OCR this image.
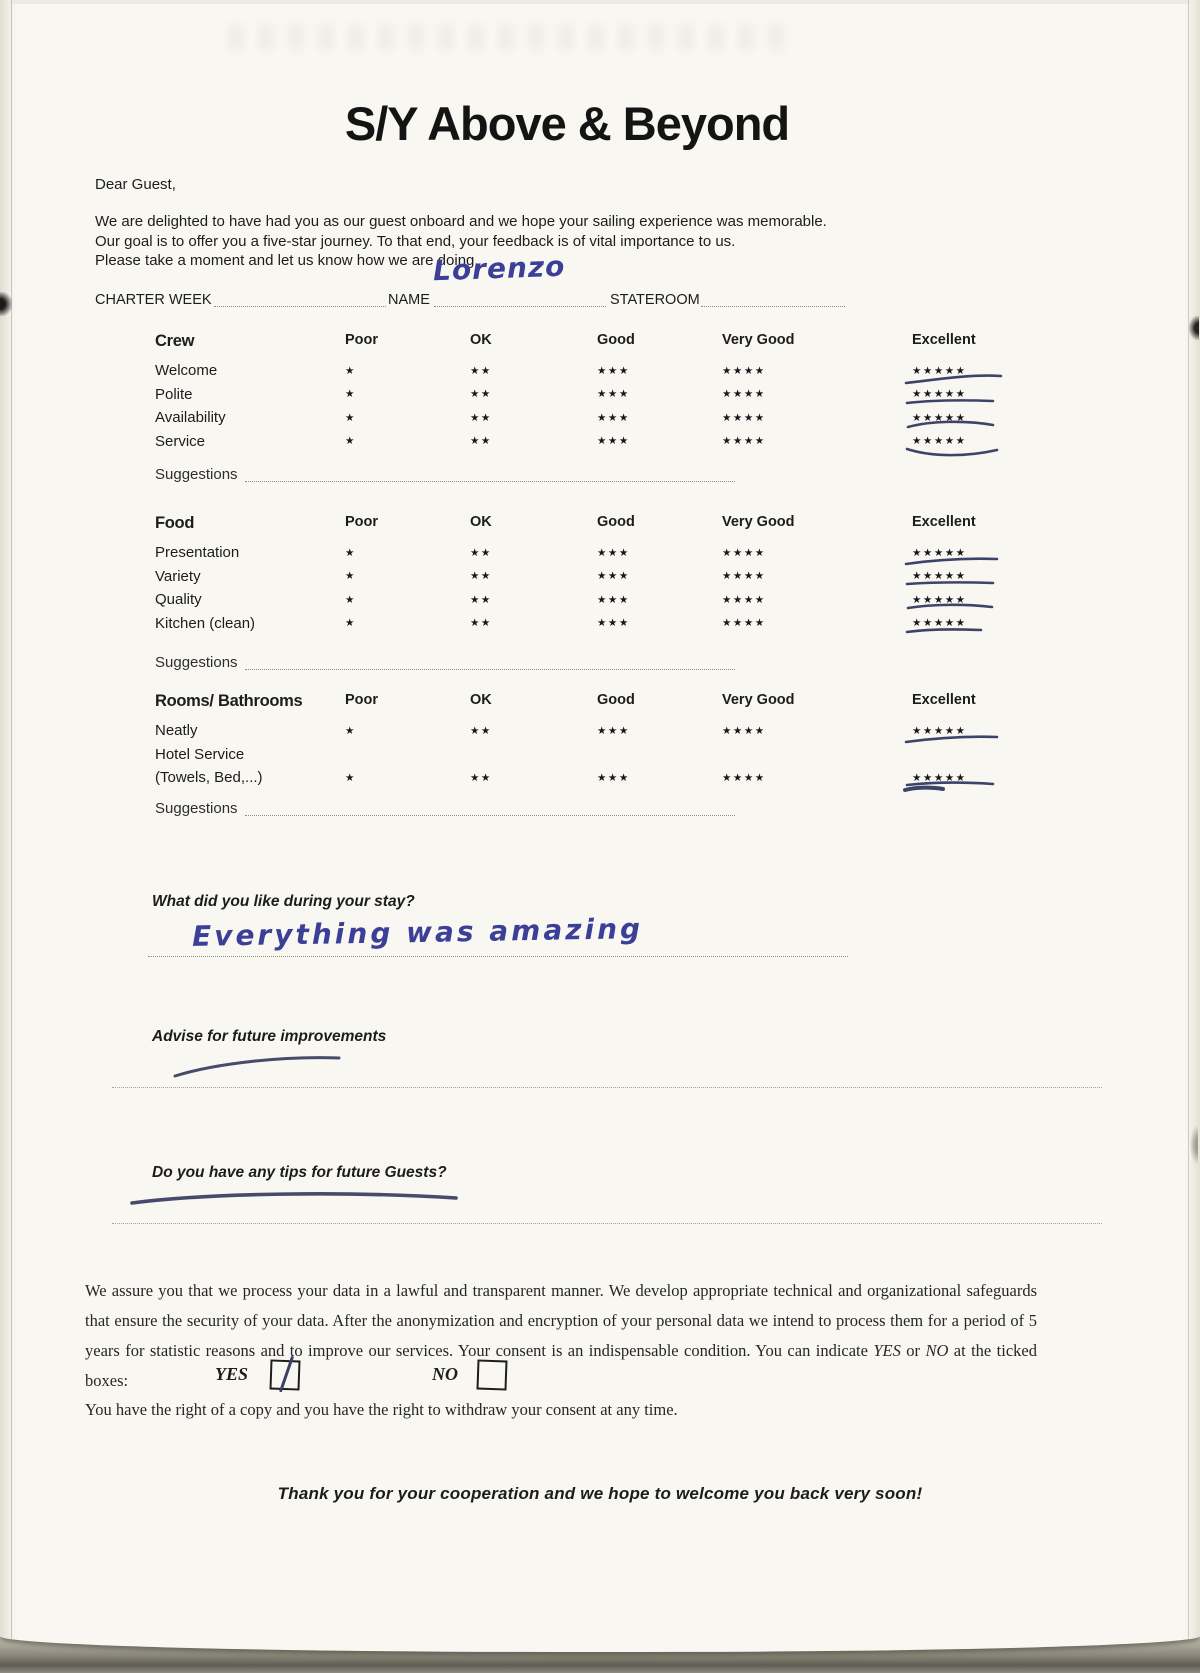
S/Y Above & Beyond
Dear Guest,
We are delighted to have had you as our guest onboard and we hope your sailing experience was memorable.
Our goal is to offer you a five-star journey. To that end, your feedback is of vital importance to us.
Please take a moment and let us know how we are doing.
CHARTER WEEK	NAME
Lorenzo
STATEROOM
Crew	Poor	OK	Good	Very Good	Excellent
Welcome	★	★★	★★★	★★★★	★★★★★
Polite	★	★★	★★★	★★★★	★★★★★
Availability	★	★★	★★★	★★★★	★★★★★
Service	★	★★	★★★	★★★★	★★★★★
Suggestions
Food	Poor	OK	Good	Very Good	Excellent
Presentation	★	★★	★★★	★★★★	★★★★★
Variety	★	★★	★★★	★★★★	★★★★★
Quality	★	★★	★★★	★★★★	★★★★★
Kitchen (clean)	★	★★	★★★	★★★★	★★★★★
Suggestions
Rooms/ Bathrooms	Poor	OK	Good	Very Good	Excellent
Neatly	★	★★	★★★	★★★★	★★★★★
Hotel Service
(Towels, Bed,...)	★	★★	★★★	★★★★	★★★★★
Suggestions
What did you like during your stay?
Everything was amazing
Advise for future improvements
Do you have any tips for future Guests?
We assure you that we process your data in a lawful and transparent manner. We develop appropriate technical and organizational safeguards that ensure the security of your data. After the anonymization and encryption of your personal data we intend to process them for a period of 5 years for statistic reasons and to improve our services. Your consent is an indispensable condition. You can indicate YES or NO at the ticked boxes:	YES	NO
You have the right of a copy and you have the right to withdraw your consent at any time.
Thank you for your cooperation and we hope to welcome you back very soon!
